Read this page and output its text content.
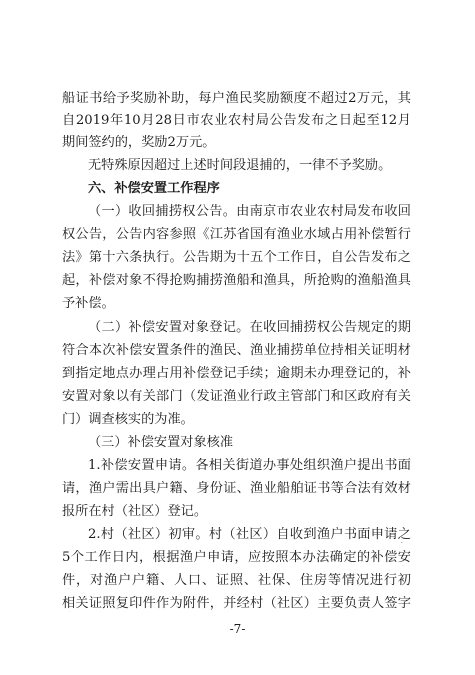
船证书给予奖励补助，每户渔民奖励额度不超过2万元，其
自2019年10月28日市农业农村局公告发布之日起至12月
期间签约的，奖励2万元。
无特殊原因超过上述时间段退捕的，一律不予奖励。
六、补偿安置工作程序
（一）收回捕捞权公告。由南京市农业农村局发布收回
权公告，公告内容参照《江苏省国有渔业水域占用补偿暂行
法》第十六条执行。公告期为十五个工作日，自公告发布之
起，补偿对象不得抢购捕捞渔船和渔具，所抢购的渔船渔具
予补偿。
（二）补偿安置对象登记。在收回捕捞权公告规定的期
符合本次补偿安置条件的渔民、渔业捕捞单位持相关证明材
到指定地点办理占用补偿登记手续；逾期未办理登记的，补
安置对象以有关部门（发证渔业行政主管部门和区政府有关
门）调查核实的为准。
（三）补偿安置对象核准
1.补偿安置申请。各相关街道办事处组织渔户提出书面
请，渔户需出具户籍、身份证、渔业船舶证书等合法有效材
报所在村（社区）登记。
2.村（社区）初审。村（社区）自收到渔户书面申请之
5个工作日内，根据渔户申请，应按照本办法确定的补偿安
件，对渔户户籍、人口、证照、社保、住房等情况进行初
相关证照复印件作为附件，并经村（社区）主要负责人签字
-7-
